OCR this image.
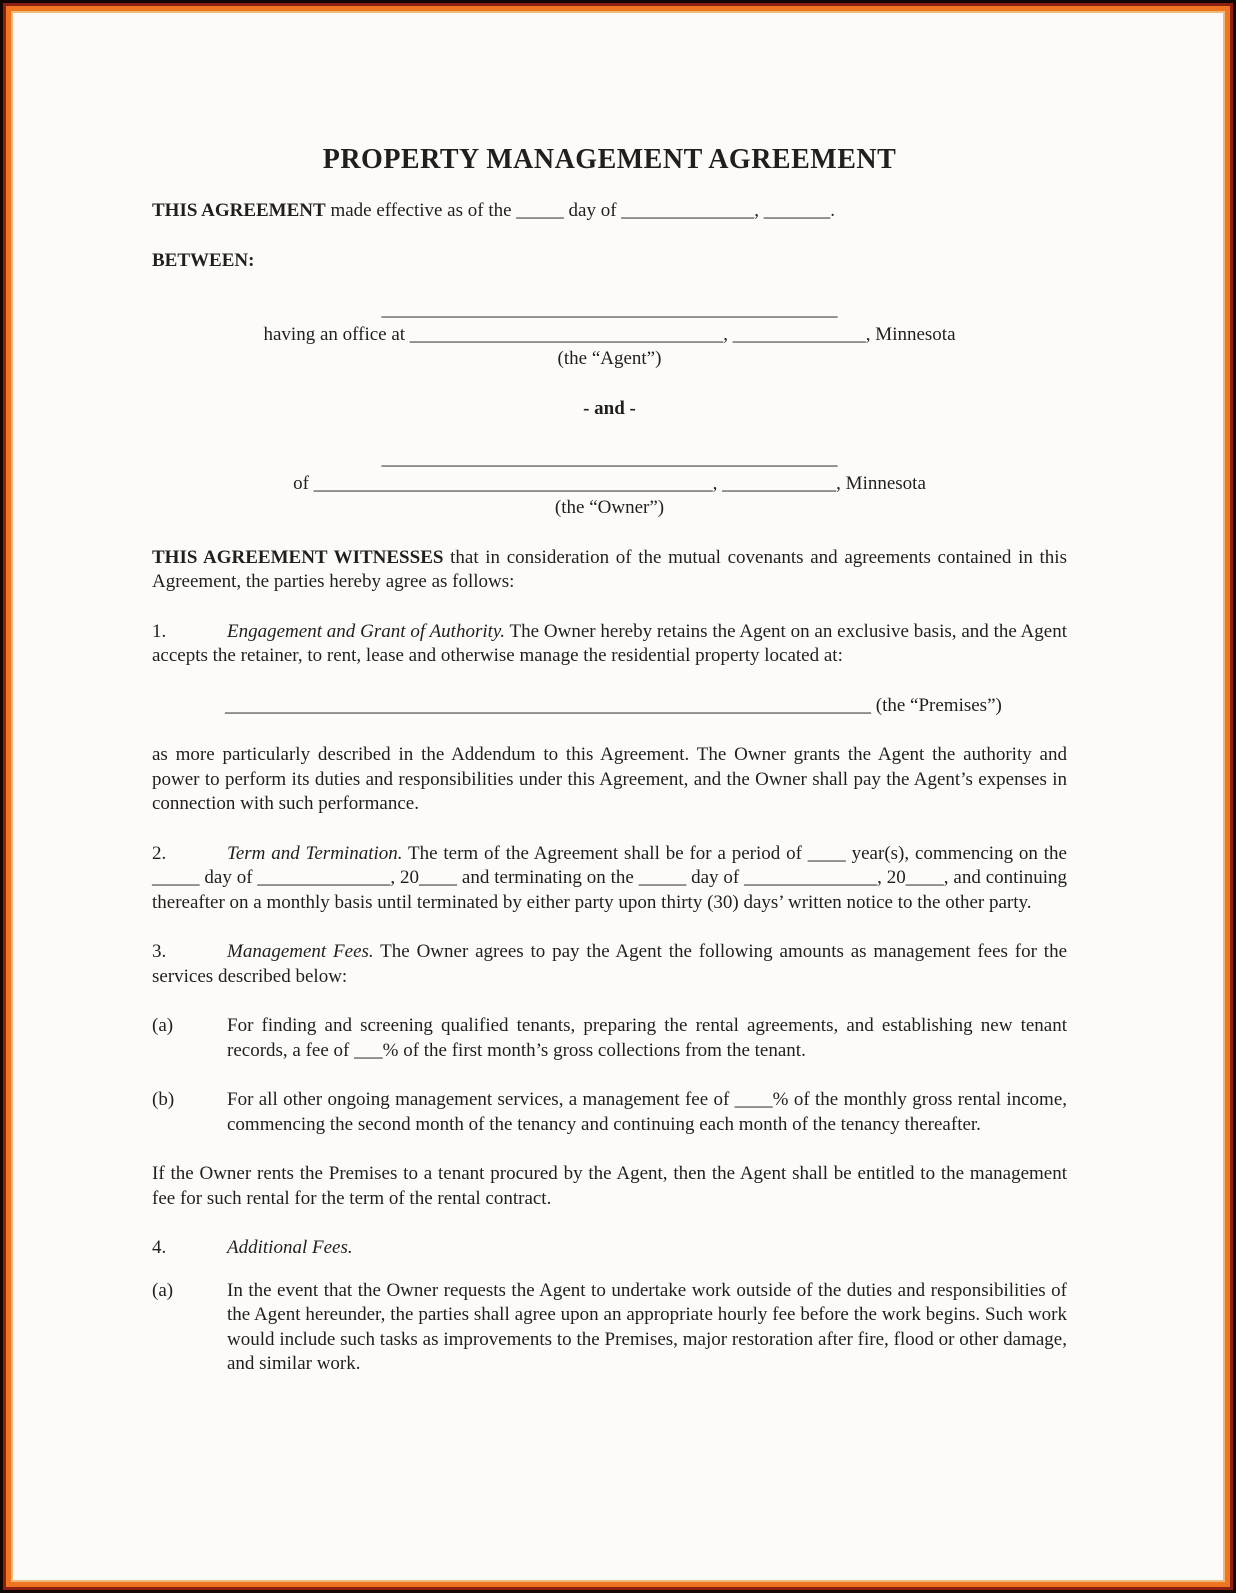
PROPERTY MANAGEMENT AGREEMENT

THIS AGREEMENT made effective as of the _____ day of ______________, _______.

BETWEEN:

________________________________________________
having an office at _________________________________, ______________, Minnesota
(the “Agent”)

- and -

________________________________________________
of __________________________________________, ____________, Minnesota
(the “Owner”)

THIS AGREEMENT WITNESSES that in consideration of the mutual covenants and agreements contained in this Agreement, the parties hereby agree as follows:

1.	Engagement and Grant of Authority. The Owner hereby retains the Agent on an exclusive basis, and the Agent accepts the retainer, to rent, lease and otherwise manage the residential property located at:

____________________________________________________________________ (the “Premises”)

as more particularly described in the Addendum to this Agreement. The Owner grants the Agent the authority and power to perform its duties and responsibilities under this Agreement, and the Owner shall pay the Agent’s expenses in connection with such performance.

2.	Term and Termination. The term of the Agreement shall be for a period of ____ year(s), commencing on the _____ day of ______________, 20____ and terminating on the _____ day of ______________, 20____, and continuing thereafter on a monthly basis until terminated by either party upon thirty (30) days’ written notice to the other party.

3.	Management Fees. The Owner agrees to pay the Agent the following amounts as management fees for the services described below:

(a)	For finding and screening qualified tenants, preparing the rental agreements, and establishing new tenant records, a fee of ___% of the first month’s gross collections from the tenant.
(b)	For all other ongoing management services, a management fee of ____% of the monthly gross rental income, commencing the second month of the tenancy and continuing each month of the tenancy thereafter.

If the Owner rents the Premises to a tenant procured by the Agent, then the Agent shall be entitled to the management fee for such rental for the term of the rental contract.

4.	Additional Fees.

(a)	In the event that the Owner requests the Agent to undertake work outside of the duties and responsibilities of the Agent hereunder, the parties shall agree upon an appropriate hourly fee before the work begins. Such work would include such tasks as improvements to the Premises, major restoration after fire, flood or other damage, and similar work.
